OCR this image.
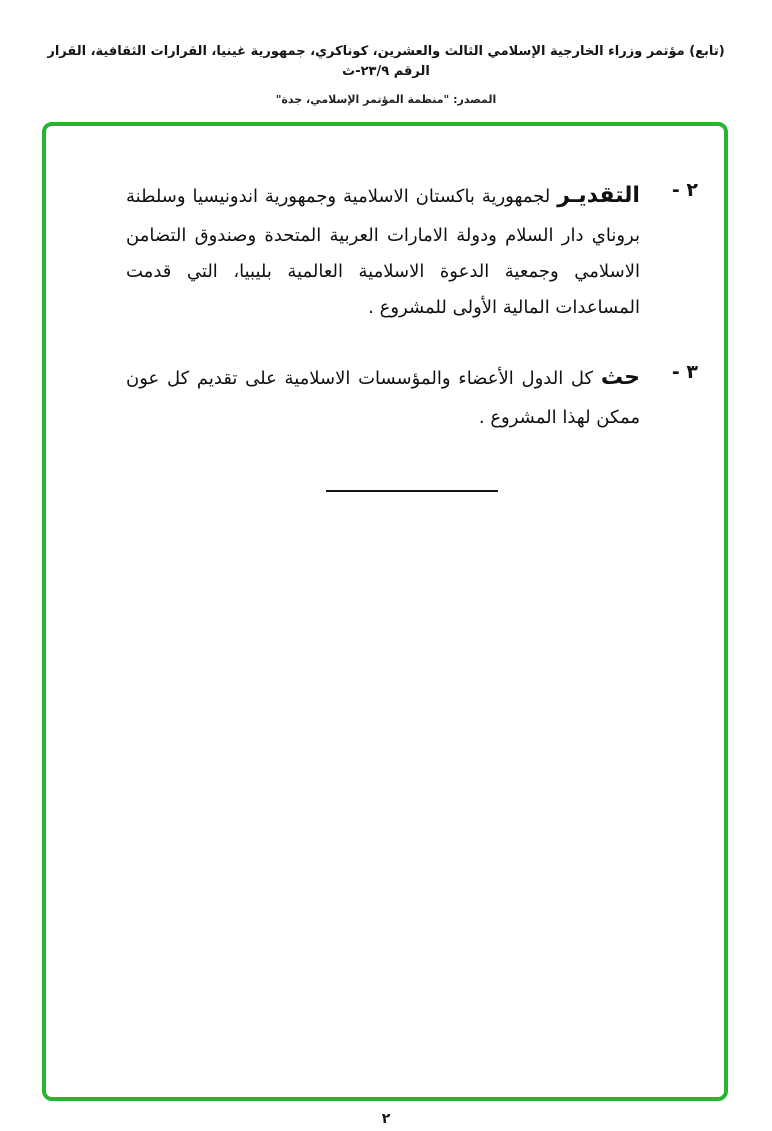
(تابع) مؤتمر وزراء الخارجية الإسلامي الثالث والعشرين، كوناكري، جمهورية غينيا، القرارات الثقافية، القرار الرقم ٢٣/٩-ث
المصدر: "منظمة المؤتمر الإسلامي، جدة"
٢ -
التقديـر لجمهورية باكستان الاسلامية وجمهورية اندونيسيا وسلطنة بروناي دار السلام ودولة الامارات العربية المتحدة وصندوق التضامن الاسلامي وجمعية الدعوة الاسلامية العالمية بليبيا، التي قدمت المساعدات المالية الأولى للمشروع .
٣ -
حث كل الدول الأعضاء والمؤسسات الاسلامية على تقديم كل عون ممكن لهذا المشروع .
٢
